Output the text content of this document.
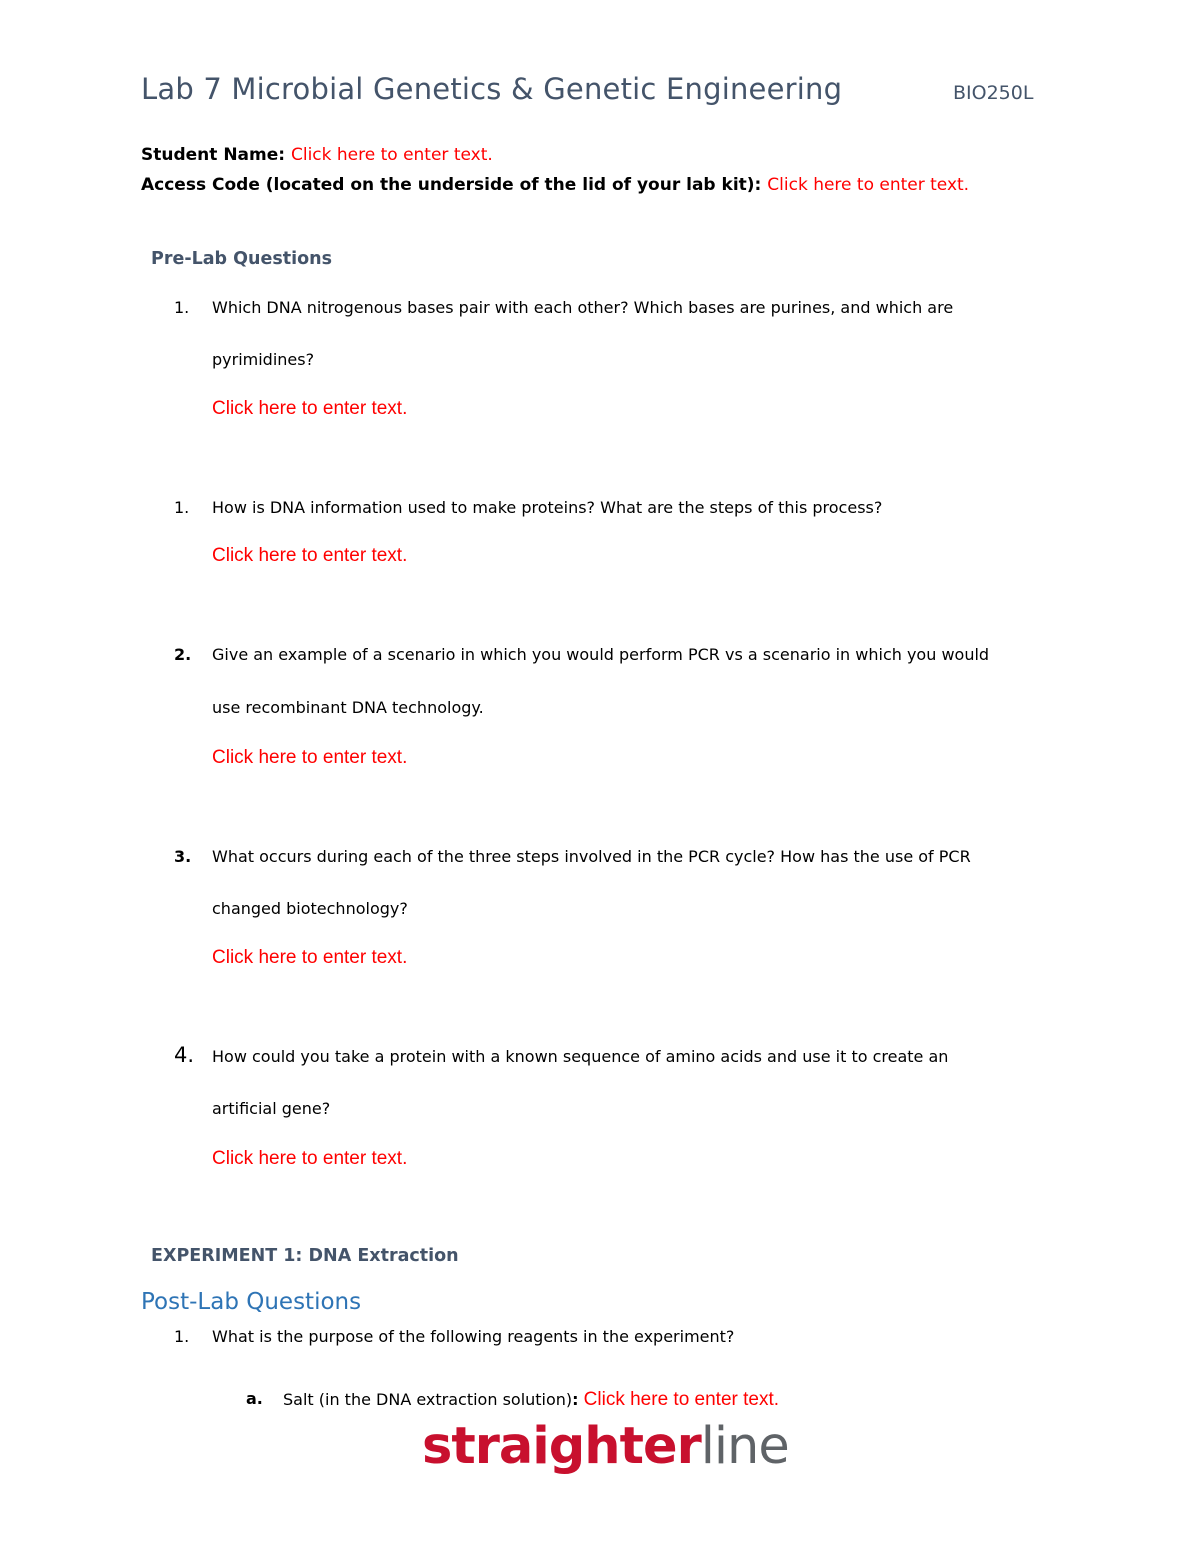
Lab 7 Microbial Genetics & Genetic Engineering	BIO250L
Student Name: Click here to enter text.
Access Code (located on the underside of the lid of your lab kit): Click here to enter text.
Pre-Lab Questions
1. Which DNA nitrogenous bases pair with each other? Which bases are purines, and which are
pyrimidines?
Click here to enter text.
1. How is DNA information used to make proteins? What are the steps of this process?
Click here to enter text.
2. Give an example of a scenario in which you would perform PCR vs a scenario in which you would
use recombinant DNA technology.
Click here to enter text.
3. What occurs during each of the three steps involved in the PCR cycle? How has the use of PCR
changed biotechnology?
Click here to enter text.
4. How could you take a protein with a known sequence of amino acids and use it to create an
artificial gene?
Click here to enter text.
EXPERIMENT 1: DNA Extraction
Post-Lab Questions
1. What is the purpose of the following reagents in the experiment?
a. Salt (in the DNA extraction solution): Click here to enter text.
straighterline
